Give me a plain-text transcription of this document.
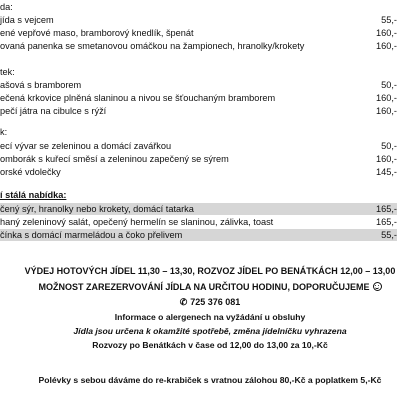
da:
jída s vejcem	55,-
ené vepřové maso, bramborový knedlík, špenát	160,-
ovaná panenka se smetanovou omáčkou na žampionech, hranolky/krokety	160,-
tek:
ašová s bramborem	50,-
ečená krkovice plněná slaninou a nivou se šťouchaným bramborem	160,-
pečí játra na cibulce s rýží	160,-
k:
ecí vývar se zeleninou a domácí zavářkou	50,-
omborák s kuřecí směsí a zeleninou zapečený se sýrem	160,-
orské vdolečky	145,-
í stálá nabídka:
čený sýr, hranolky nebo krokety, domácí tatarka	165,-
haný zeleninový salát, opečený hermelín se slaninou, zálivka, toast	165,-
čínka s domácí marmeládou a čoko přelivem	55,-
VÝDEJ HOTOVÝCH JÍDEL 11,30 – 13,30, ROZVOZ JÍDEL PO BENÁTKÁCH 12,00 – 13,00
MOŽNOST ZAREZERVOVÁNÍ JÍDLA NA URČITOU HODINU, DOPORUČUJEME
✆ 725 376 081
Informace o alergenech na vyžádání u obsluhy
Jídla jsou určena k okamžité spotřebě, změna jídelníčku vyhrazena
Rozvozy po Benátkách v čase od 12,00 do 13,00 za 10,-Kč
Polévky s sebou dáváme do re-krabiček s vratnou zálohou 80,-Kč a poplatkem 5,-Kč
